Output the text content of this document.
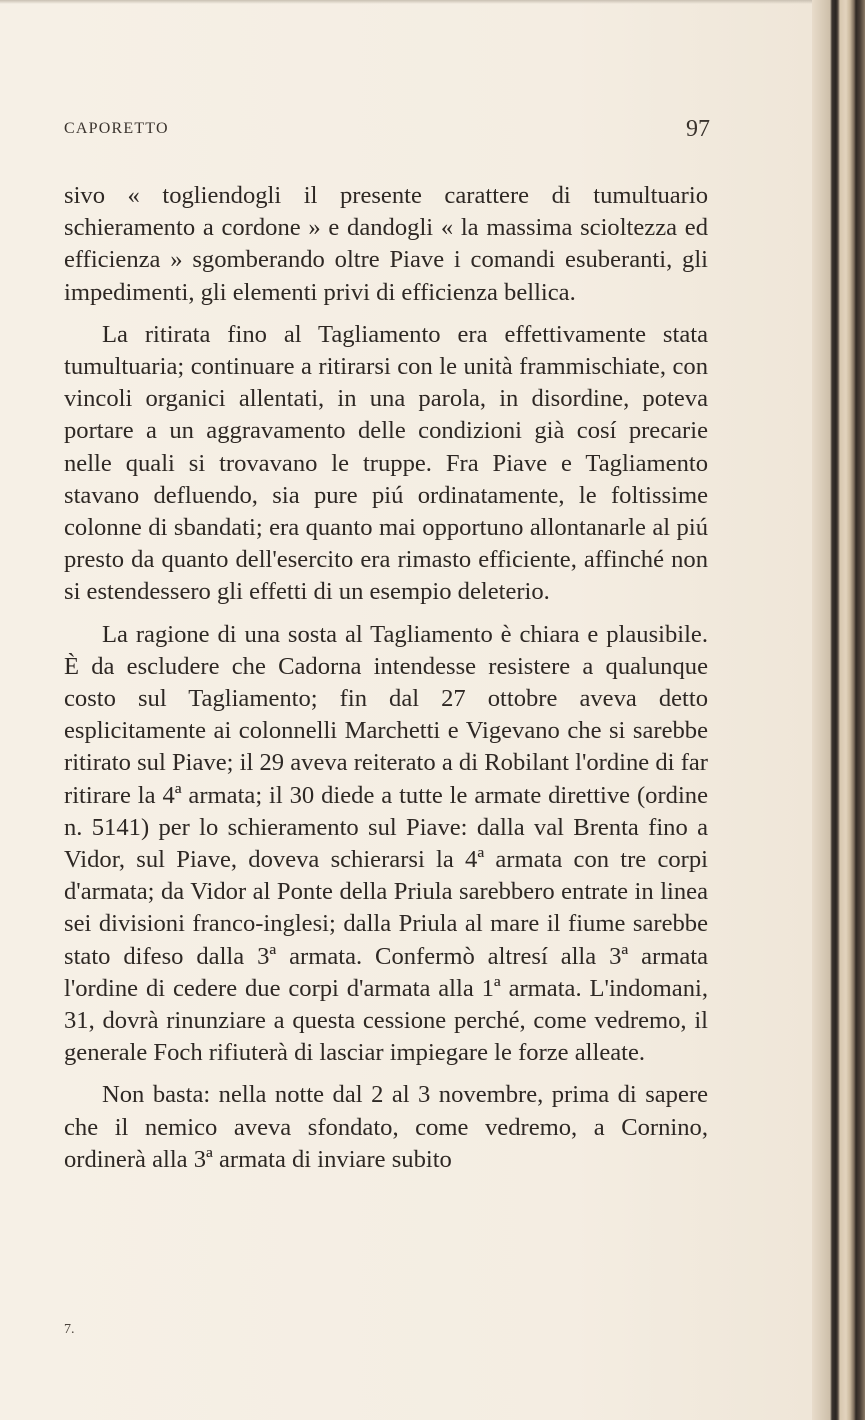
CAPORETTO	97

sivo « togliendogli il presente carattere di tumultuario schieramento a cordone » e dandogli « la massima scioltezza ed efficienza » sgomberando oltre Piave i comandi esuberanti, gli impedimenti, gli elementi privi di efficienza bellica.

La ritirata fino al Tagliamento era effettivamente stata tumultuaria; continuare a ritirarsi con le unità frammischiate, con vincoli organici allentati, in una parola, in disordine, poteva portare a un aggravamento delle condizioni già cosí precarie nelle quali si trovavano le truppe. Fra Piave e Tagliamento stavano defluendo, sia pure piú ordinatamente, le foltissime colonne di sbandati; era quanto mai opportuno allontanarle al piú presto da quanto dell'esercito era rimasto efficiente, affinché non si estendessero gli effetti di un esempio deleterio.

La ragione di una sosta al Tagliamento è chiara e plausibile. È da escludere che Cadorna intendesse resistere a qualunque costo sul Tagliamento; fin dal 27 ottobre aveva detto esplicitamente ai colonnelli Marchetti e Vigevano che si sarebbe ritirato sul Piave; il 29 aveva reiterato a di Robilant l'ordine di far ritirare la 4ª armata; il 30 diede a tutte le armate direttive (ordine n. 5141) per lo schieramento sul Piave: dalla val Brenta fino a Vidor, sul Piave, doveva schierarsi la 4ª armata con tre corpi d'armata; da Vidor al Ponte della Priula sarebbero entrate in linea sei divisioni franco-inglesi; dalla Priula al mare il fiume sarebbe stato difeso dalla 3ª armata. Confermò altresí alla 3ª armata l'ordine di cedere due corpi d'armata alla 1ª armata. L'indomani, 31, dovrà rinunziare a questa cessione perché, come vedremo, il generale Foch rifiuterà di lasciar impiegare le forze alleate.

Non basta: nella notte dal 2 al 3 novembre, prima di sapere che il nemico aveva sfondato, come vedremo, a Cornino, ordinerà alla 3ª armata di inviare subito

7.
